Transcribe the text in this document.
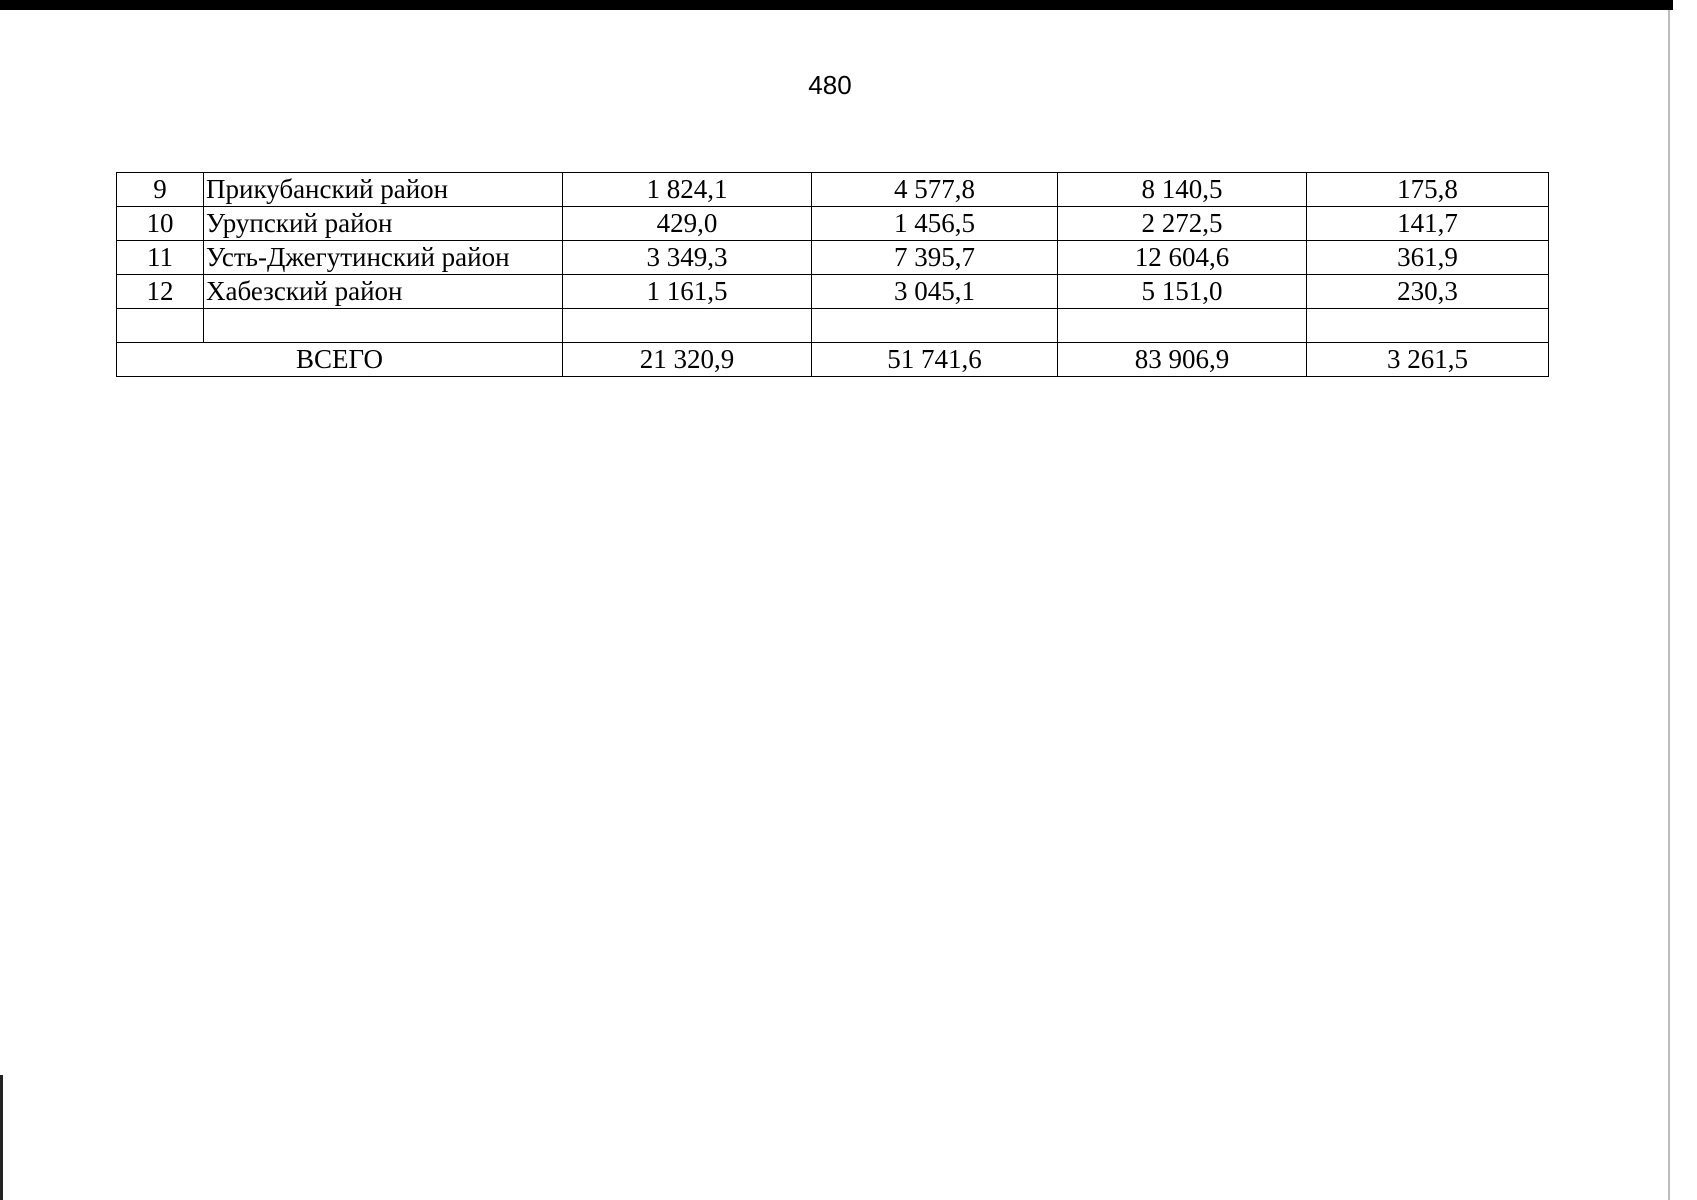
480
9	Прикубанский район	1 824,1	4 577,8	8 140,5	175,8
10	Урупский район	429,0	1 456,5	2 272,5	141,7
11	Усть-Джегутинский район	3 349,3	7 395,7	12 604,6	361,9
12	Хабезский район	1 161,5	3 045,1	5 151,0	230,3

ВСЕГО		21 320,9	51 741,6	83 906,9	3 261,5
